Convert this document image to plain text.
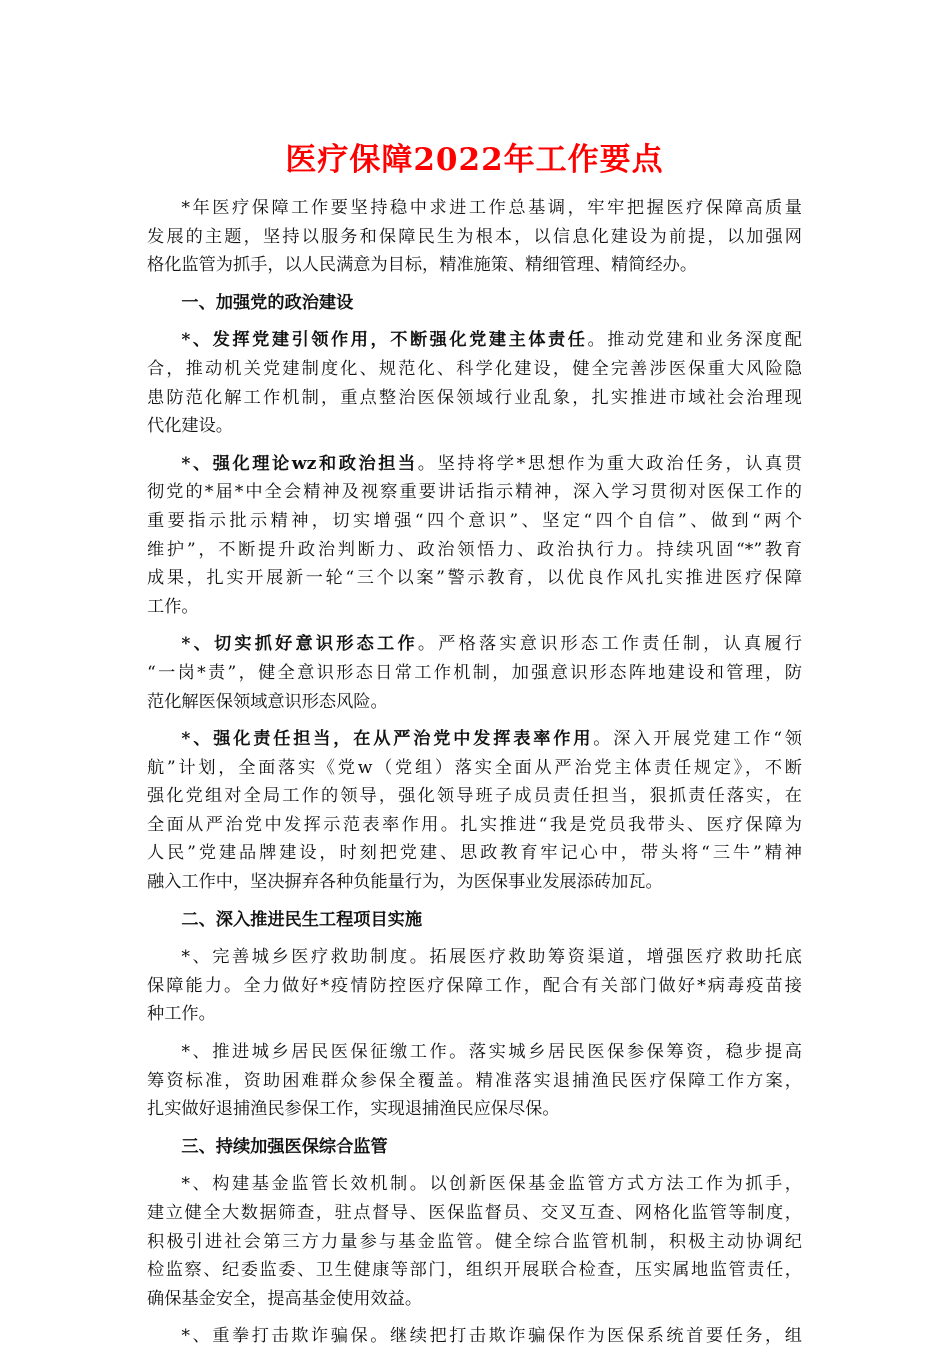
医疗保障2022年工作要点
*年医疗保障工作要坚持稳中求进工作总基调，牢牢把握医疗保障高质量
发展的主题，坚持以服务和保障民生为根本，以信息化建设为前提，以加强网
格化监管为抓手，以人民满意为目标，精准施策、精细管理、精简经办。
一、加强党的政治建设
*、发挥党建引领作用，不断强化党建主体责任。推动党建和业务深度配
合，推动机关党建制度化、规范化、科学化建设，健全完善涉医保重大风险隐
患防范化解工作机制，重点整治医保领域行业乱象，扎实推进市域社会治理现
代化建设。
*、强化理论wz和政治担当。坚持将学*思想作为重大政治任务，认真贯
彻党的*届*中全会精神及视察重要讲话指示精神，深入学习贯彻对医保工作的
重要指示批示精神，切实增强“四个意识”、坚定“四个自信”、做到“两个
维护”，不断提升政治判断力、政治领悟力、政治执行力。持续巩固“*”教育
成果，扎实开展新一轮“三个以案”警示教育，以优良作风扎实推进医疗保障
工作。
*、切实抓好意识形态工作。严格落实意识形态工作责任制，认真履行
“一岗*责”，健全意识形态日常工作机制，加强意识形态阵地建设和管理，防
范化解医保领域意识形态风险。
*、强化责任担当，在从严治党中发挥表率作用。深入开展党建工作“领
航”计划，全面落实《党w（党组）落实全面从严治党主体责任规定》，不断
强化党组对全局工作的领导，强化领导班子成员责任担当，狠抓责任落实，在
全面从严治党中发挥示范表率作用。扎实推进“我是党员我带头、医疗保障为
人民”党建品牌建设，时刻把党建、思政教育牢记心中，带头将“三牛”精神
融入工作中，坚决摒弃各种负能量行为，为医保事业发展添砖加瓦。
二、深入推进民生工程项目实施
*、完善城乡医疗救助制度。拓展医疗救助筹资渠道，增强医疗救助托底
保障能力。全力做好*疫情防控医疗保障工作，配合有关部门做好*病毒疫苗接
种工作。
*、推进城乡居民医保征缴工作。落实城乡居民医保参保筹资，稳步提高
筹资标准，资助困难群众参保全覆盖。精准落实退捕渔民医疗保障工作方案，
扎实做好退捕渔民参保工作，实现退捕渔民应保尽保。
三、持续加强医保综合监管
*、构建基金监管长效机制。以创新医保基金监管方式方法工作为抓手，
建立健全大数据筛查，驻点督导、医保监督员、交叉互查、网格化监管等制度，
积极引进社会第三方力量参与基金监管。健全综合监管机制，积极主动协调纪
检监察、纪委监委、卫生健康等部门，组织开展联合检查，压实属地监管责任，
确保基金安全，提高基金使用效益。
*、重拳打击欺诈骗保。继续把打击欺诈骗保作为医保系统首要任务，组
